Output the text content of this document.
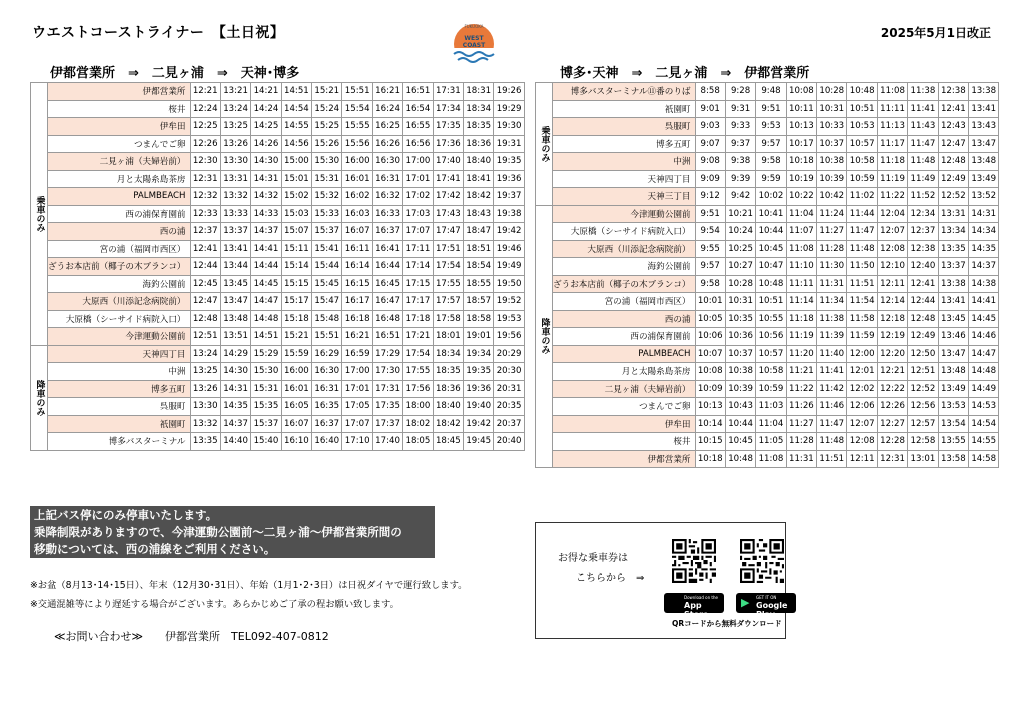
ウエストコーストライナー　【土日祝】	2025年5月1日改正
FUKUOKA
WEST
COAST
伊都営業所　⇒　二見ヶ浦　⇒　天神･博多	博多･天神　⇒　二見ヶ浦　⇒　伊都営業所
乗車のみ	伊都営業所	12:21	13:21	14:21	14:51	15:21	15:51	16:21	16:51	17:31	18:31	19:26
	桜井	12:24	13:24	14:24	14:54	15:24	15:54	16:24	16:54	17:34	18:34	19:29
	伊牟田	12:25	13:25	14:25	14:55	15:25	15:55	16:25	16:55	17:35	18:35	19:30
	つまんでご卵	12:26	13:26	14:26	14:56	15:26	15:56	16:26	16:56	17:36	18:36	19:31
	二見ヶ浦（夫婦岩前）	12:30	13:30	14:30	15:00	15:30	16:00	16:30	17:00	17:40	18:40	19:35
	月と太陽糸島茶房	12:31	13:31	14:31	15:01	15:31	16:01	16:31	17:01	17:41	18:41	19:36
	PALMBEACH	12:32	13:32	14:32	15:02	15:32	16:02	16:32	17:02	17:42	18:42	19:37
	西の浦保育園前	12:33	13:33	14:33	15:03	15:33	16:03	16:33	17:03	17:43	18:43	19:38
	西の浦	12:37	13:37	14:37	15:07	15:37	16:07	16:37	17:07	17:47	18:47	19:42
	宮の浦（福岡市西区）	12:41	13:41	14:41	15:11	15:41	16:11	16:41	17:11	17:51	18:51	19:46
	ざうお本店前（椰子の木ブランコ）	12:44	13:44	14:44	15:14	15:44	16:14	16:44	17:14	17:54	18:54	19:49
	海釣公園前	12:45	13:45	14:45	15:15	15:45	16:15	16:45	17:15	17:55	18:55	19:50
	大原西（川添記念病院前）	12:47	13:47	14:47	15:17	15:47	16:17	16:47	17:17	17:57	18:57	19:52
	大原橋（シーサイド病院入口）	12:48	13:48	14:48	15:18	15:48	16:18	16:48	17:18	17:58	18:58	19:53
	今津運動公園前	12:51	13:51	14:51	15:21	15:51	16:21	16:51	17:21	18:01	19:01	19:56
降車のみ	天神四丁目	13:24	14:29	15:29	15:59	16:29	16:59	17:29	17:54	18:34	19:34	20:29
	中洲	13:25	14:30	15:30	16:00	16:30	17:00	17:30	17:55	18:35	19:35	20:30
	博多五町	13:26	14:31	15:31	16:01	16:31	17:01	17:31	17:56	18:36	19:36	20:31
	呉服町	13:30	14:35	15:35	16:05	16:35	17:05	17:35	18:00	18:40	19:40	20:35
	祇園町	13:32	14:37	15:37	16:07	16:37	17:07	17:37	18:02	18:42	19:42	20:37
	博多バスターミナル	13:35	14:40	15:40	16:10	16:40	17:10	17:40	18:05	18:45	19:45	20:40
乗車のみ	博多バスターミナル⑪番のりば	8:58	9:28	9:48	10:08	10:28	10:48	11:08	11:38	12:38	13:38
	祇園町	9:01	9:31	9:51	10:11	10:31	10:51	11:11	11:41	12:41	13:41
	呉服町	9:03	9:33	9:53	10:13	10:33	10:53	11:13	11:43	12:43	13:43
	博多五町	9:07	9:37	9:57	10:17	10:37	10:57	11:17	11:47	12:47	13:47
	中洲	9:08	9:38	9:58	10:18	10:38	10:58	11:18	11:48	12:48	13:48
	天神四丁目	9:09	9:39	9:59	10:19	10:39	10:59	11:19	11:49	12:49	13:49
	天神三丁目	9:12	9:42	10:02	10:22	10:42	11:02	11:22	11:52	12:52	13:52
降車のみ	今津運動公園前	9:51	10:21	10:41	11:04	11:24	11:44	12:04	12:34	13:31	14:31
	大原橋（シーサイド病院入口）	9:54	10:24	10:44	11:07	11:27	11:47	12:07	12:37	13:34	14:34
	大原西（川添記念病院前）	9:55	10:25	10:45	11:08	11:28	11:48	12:08	12:38	13:35	14:35
	海釣公園前	9:57	10:27	10:47	11:10	11:30	11:50	12:10	12:40	13:37	14:37
	ざうお本店前（椰子の木ブランコ）	9:58	10:28	10:48	11:11	11:31	11:51	12:11	12:41	13:38	14:38
	宮の浦（福岡市西区）	10:01	10:31	10:51	11:14	11:34	11:54	12:14	12:44	13:41	14:41
	西の浦	10:05	10:35	10:55	11:18	11:38	11:58	12:18	12:48	13:45	14:45
	西の浦保育園前	10:06	10:36	10:56	11:19	11:39	11:59	12:19	12:49	13:46	14:46
	PALMBEACH	10:07	10:37	10:57	11:20	11:40	12:00	12:20	12:50	13:47	14:47
	月と太陽糸島茶房	10:08	10:38	10:58	11:21	11:41	12:01	12:21	12:51	13:48	14:48
	二見ヶ浦（夫婦岩前）	10:09	10:39	10:59	11:22	11:42	12:02	12:22	12:52	13:49	14:49
	つまんでご卵	10:13	10:43	11:03	11:26	11:46	12:06	12:26	12:56	13:53	14:53
	伊牟田	10:14	10:44	11:04	11:27	11:47	12:07	12:27	12:57	13:54	14:54
	桜井	10:15	10:45	11:05	11:28	11:48	12:08	12:28	12:58	13:55	14:55
	伊都営業所	10:18	10:48	11:08	11:31	11:51	12:11	12:31	13:01	13:58	14:58
上記バス停にのみ停車いたします。
乗降制限がありますので、今津運動公園前～二見ヶ浦～伊都営業所間の
移動については、西の浦線をご利用ください。
※お盆（8月13･14･15日）、年末（12月30･31日）、年始（1月1･2･3日）は日祝ダイヤで運行致します。
※交通混雑等により遅延する場合がございます。あらかじめご了承の程お願い致します。
≪お問い合わせ≫　　伊都営業所　TEL092-407-0812
お得な乗車券は
こちらから　⇒
Download on the
App Store
▶ GET IT ON
Google Play
QRコードから無料ダウンロード
